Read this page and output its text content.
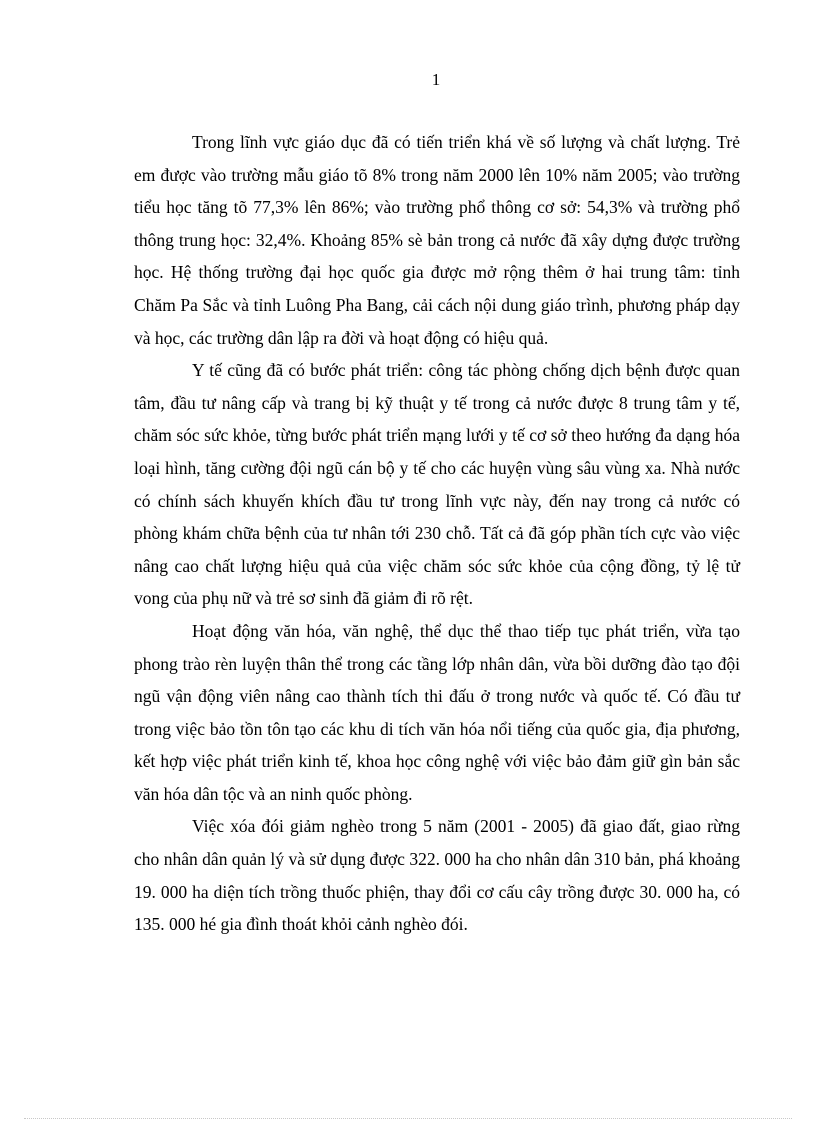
1

Trong lĩnh vực giáo dục đã có tiến triển khá về số lượng và chất lượng. Trẻ em được vào trường mẫu giáo tõ 8% trong năm 2000 lên 10% năm 2005; vào trường tiểu học tăng tõ 77,3% lên 86%; vào trường phổ thông cơ sở: 54,3% và trường phổ thông trung học: 32,4%. Khoảng 85% sè bản trong cả nước đã xây dựng được trường học. Hệ thống trường đại học quốc gia được mở rộng thêm ở hai trung tâm: tỉnh Chăm Pa Sắc và tỉnh Luông Pha Bang, cải cách nội dung giáo trình, phương pháp dạy và học, các trường dân lập ra đời và hoạt động có hiệu quả.

Y tế cũng đã có bước phát triển: công tác phòng chống dịch bệnh được quan tâm, đầu tư nâng cấp và trang bị kỹ thuật y tế trong cả nước được 8 trung tâm y tế, chăm sóc sức khỏe, từng bước phát triển mạng lưới y tế cơ sở theo hướng đa dạng hóa loại hình, tăng cường đội ngũ cán bộ y tế cho các huyện vùng sâu vùng xa. Nhà nước có chính sách khuyến khích đầu tư trong lĩnh vực này, đến nay trong cả nước có phòng khám chữa bệnh của tư nhân tới 230 chỗ. Tất cả đã góp phần tích cực vào việc nâng cao chất lượng hiệu quả của việc chăm sóc sức khỏe của cộng đồng, tỷ lệ tử vong của phụ nữ và trẻ sơ sinh đã giảm đi rõ rệt.

Hoạt động văn hóa, văn nghệ, thể dục thể thao tiếp tục phát triển, vừa tạo phong trào rèn luyện thân thể trong các tầng lớp nhân dân, vừa bồi dưỡng đào tạo đội ngũ vận động viên nâng cao thành tích thi đấu ở trong nước và quốc tế. Có đầu tư trong việc bảo tồn tôn tạo các khu di tích văn hóa nổi tiếng của quốc gia, địa phương, kết hợp việc phát triển kinh tế, khoa học công nghệ với việc bảo đảm giữ gìn bản sắc văn hóa dân tộc và an ninh quốc phòng.

Việc xóa đói giảm nghèo trong 5 năm (2001 - 2005) đã giao đất, giao rừng cho nhân dân quản lý và sử dụng được 322. 000 ha cho nhân dân 310 bản, phá khoảng 19. 000 ha diện tích trồng thuốc phiện, thay đổi cơ cấu cây trồng được 30. 000 ha, có 135. 000 hé gia đình thoát khỏi cảnh nghèo đói.
